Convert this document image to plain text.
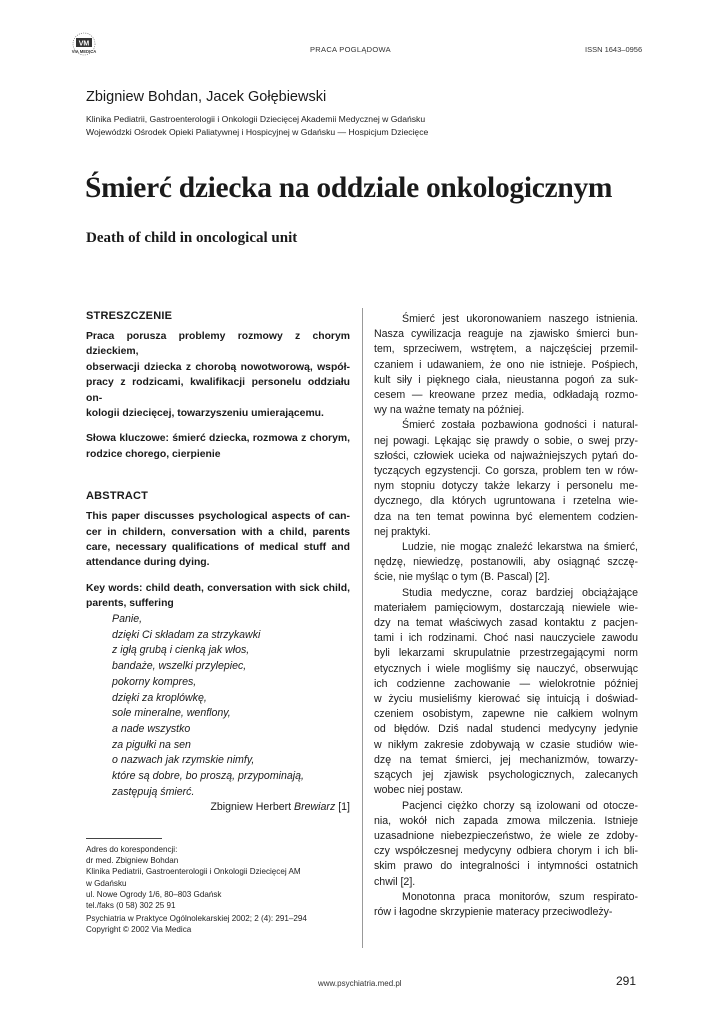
VM
VIA MEDICA	PRACA POGLĄDOWA	ISSN 1643–0956
Zbigniew Bohdan, Jacek Gołębiewski
Klinika Pediatrii, Gastroenterologii i Onkologii Dziecięcej Akademii Medycznej w Gdańsku
Wojewódzki Ośrodek Opieki Paliatywnej i Hospicyjnej w Gdańsku — Hospicjum Dziecięce
Śmierć dziecka na oddziale onkologicznym
Death of child in oncological unit
STRESZCZENIE
Praca porusza problemy rozmowy z chorym dzieckiem,
obserwacji dziecka z chorobą nowotworową, współ-
pracy z rodzicami, kwalifikacji personelu oddziału on-
kologii dziecięcej, towarzyszeniu umierającemu.
Słowa kluczowe: śmierć dziecka, rozmowa z chorym,
rodzice chorego, cierpienie
ABSTRACT
This paper discusses psychological aspects of can-
cer in childern, conversation with a child, parents
care, necessary qualifications of medical stuff and
attendance during dying.
Key words: child death, conversation with sick child,
parents, suffering
Panie,
dzięki Ci składam za strzykawki
z igłą grubą i cienką jak włos,
bandaże, wszelki przylepiec,
pokorny kompres,
dzięki za kroplówkę,
sole mineralne, wenflony,
a nade wszystko
za pigułki na sen
o nazwach jak rzymskie nimfy,
które są dobre, bo proszą, przypominają,
zastępują śmierć.
Zbigniew Herbert Brewiarz [1]
Adres do korespondencji:
dr med. Zbigniew Bohdan
Klinika Pediatrii, Gastroenterologii i Onkologii Dziecięcej AM
w Gdańsku
ul. Nowe Ogrody 1/6, 80–803 Gdańsk
tel./faks (0 58) 302 25 91
Psychiatria w Praktyce Ogólnolekarskiej 2002; 2 (4): 291–294
Copyright © 2002 Via Medica
Śmierć jest ukoronowaniem naszego istnienia.
Nasza cywilizacja reaguje na zjawisko śmierci bun-
tem, sprzeciwem, wstrętem, a najczęściej przemil-
czaniem i udawaniem, że ono nie istnieje. Pośpiech,
kult siły i pięknego ciała, nieustanna pogoń za suk-
cesem — kreowane przez media, odkładają rozmo-
wy na ważne tematy na później.
Śmierć została pozbawiona godności i natural-
nej powagi. Lękając się prawdy o sobie, o swej przy-
szłości, człowiek ucieka od najważniejszych pytań do-
tyczących egzystencji. Co gorsza, problem ten w rów-
nym stopniu dotyczy także lekarzy i personelu me-
dycznego, dla których ugruntowana i rzetelna wie-
dza na ten temat powinna być elementem codzien-
nej praktyki.
Ludzie, nie mogąc znaleźć lekarstwa na śmierć,
nędzę, niewiedzę, postanowili, aby osiągnąć szczę-
ście, nie myśląc o tym (B. Pascal) [2].
Studia medyczne, coraz bardziej obciążające
materiałem pamięciowym, dostarczają niewiele wie-
dzy na temat właściwych zasad kontaktu z pacjen-
tami i ich rodzinami. Choć nasi nauczyciele zawodu
byli lekarzami skrupulatnie przestrzegającymi norm
etycznych i wiele mogliśmy się nauczyć, obserwując
ich codzienne zachowanie — wielokrotnie później
w życiu musieliśmy kierować się intuicją i doświad-
czeniem osobistym, zapewne nie całkiem wolnym
od błędów. Dziś nadal studenci medycyny jedynie
w nikłym zakresie zdobywają w czasie studiów wie-
dzę na temat śmierci, jej mechanizmów, towarzy-
szących jej zjawisk psychologicznych, zalecanych
wobec niej postaw.
Pacjenci ciężko chorzy są izolowani od otocze-
nia, wokół nich zapada zmowa milczenia. Istnieje
uzasadnione niebezpieczeństwo, że wiele ze zdoby-
czy współczesnej medycyny odbiera chorym i ich bli-
skim prawo do integralności i intymności ostatnich
chwil [2].
Monotonna praca monitorów, szum respirato-
rów i łagodne skrzypienie materacy przeciwodleży-
www.psychiatria.med.pl	291
